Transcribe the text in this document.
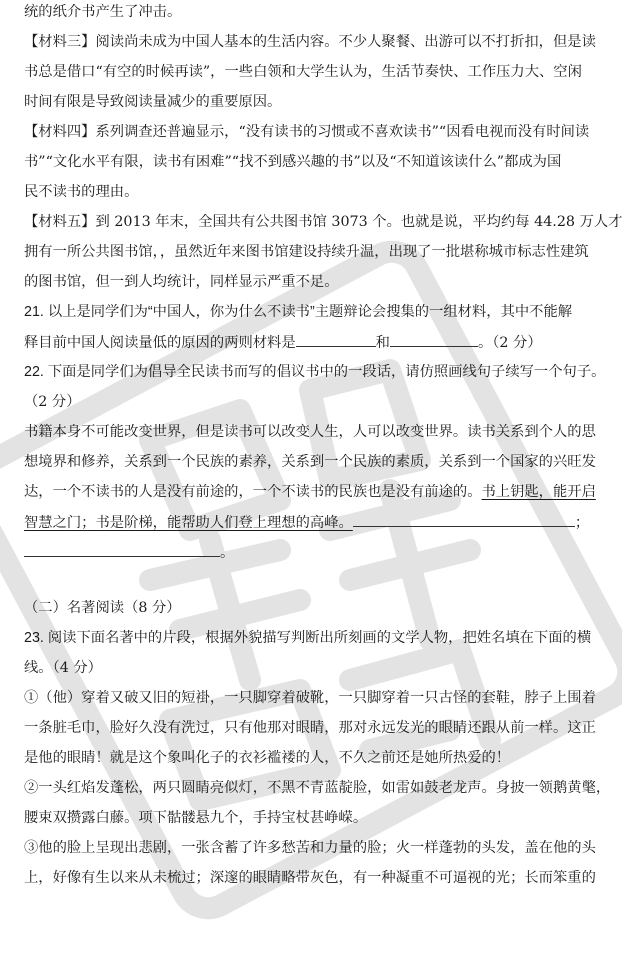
统的纸介书产生了冲击。
【材料三】阅读尚未成为中国人基本的生活内容。不少人聚餐、出游可以不打折扣，但是读
书总是借口“有空的时候再读”，一些白领和大学生认为，生活节奏快、工作压力大、空闲
时间有限是导致阅读量减少的重要原因。
【材料四】系列调查还普遍显示，“没有读书的习惯或不喜欢读书”“因看电视而没有时间读
书”“文化水平有限，读书有困难”“找不到感兴趣的书”以及“不知道该读什么”都成为国
民不读书的理由。
【材料五】到 2013 年末，全国共有公共图书馆 3073 个。也就是说，平均约每 44.28 万人才
拥有一所公共图书馆，，虽然近年来图书馆建设持续升温，出现了一批堪称城市标志性建筑
的图书馆，但一到人均统计，同样显示严重不足。
21. 以上是同学们为“中国人，你为什么不读书”主题辩论会搜集的一组材料，其中不能解
释目前中国人阅读量低的原因的两则材料是	和	。（2 分）
22. 下面是同学们为倡导全民读书而写的倡议书中的一段话，请仿照画线句子续写一个句子。
（2 分）
书籍本身不可能改变世界，但是读书可以改变人生，人可以改变世界。读书关系到个人的思
想境界和修养，关系到一个民族的素养，关系到一个民族的素质，关系到一个国家的兴旺发
达，一个不读书的人是没有前途的，一个不读书的民族也是没有前途的。书上钥匙，能开启
智慧之门；书是阶梯，能帮助人们登上理想的高峰。	；
。
（二）名著阅读（8 分）
23. 阅读下面名著中的片段，根据外貌描写判断出所刻画的文学人物，把姓名填在下面的横
线。（4 分）
①（他）穿着又破又旧的短褂，一只脚穿着破靴，一只脚穿着一只古怪的套鞋，脖子上围着
一条脏毛巾，脸好久没有洗过，只有他那对眼睛，那对永远发光的眼睛还跟从前一样。这正
是他的眼睛！就是这个象叫化子的衣衫褴褛的人，不久之前还是她所热爱的！
②一头红焰发蓬松，两只圆睛亮似灯，不黑不青蓝靛脸，如雷如鼓老龙声。身披一领鹅黄氅，
腰束双攒露白藤。项下骷髅悬九个，手持宝杖甚峥嵘。
③他的脸上呈现出悲剧，一张含蓄了许多愁苦和力量的脸；火一样蓬勃的头发，盖在他的头
上，好像有生以来从未梳过；深邃的眼睛略带灰色，有一种凝重不可逼视的光；长而笨重的
